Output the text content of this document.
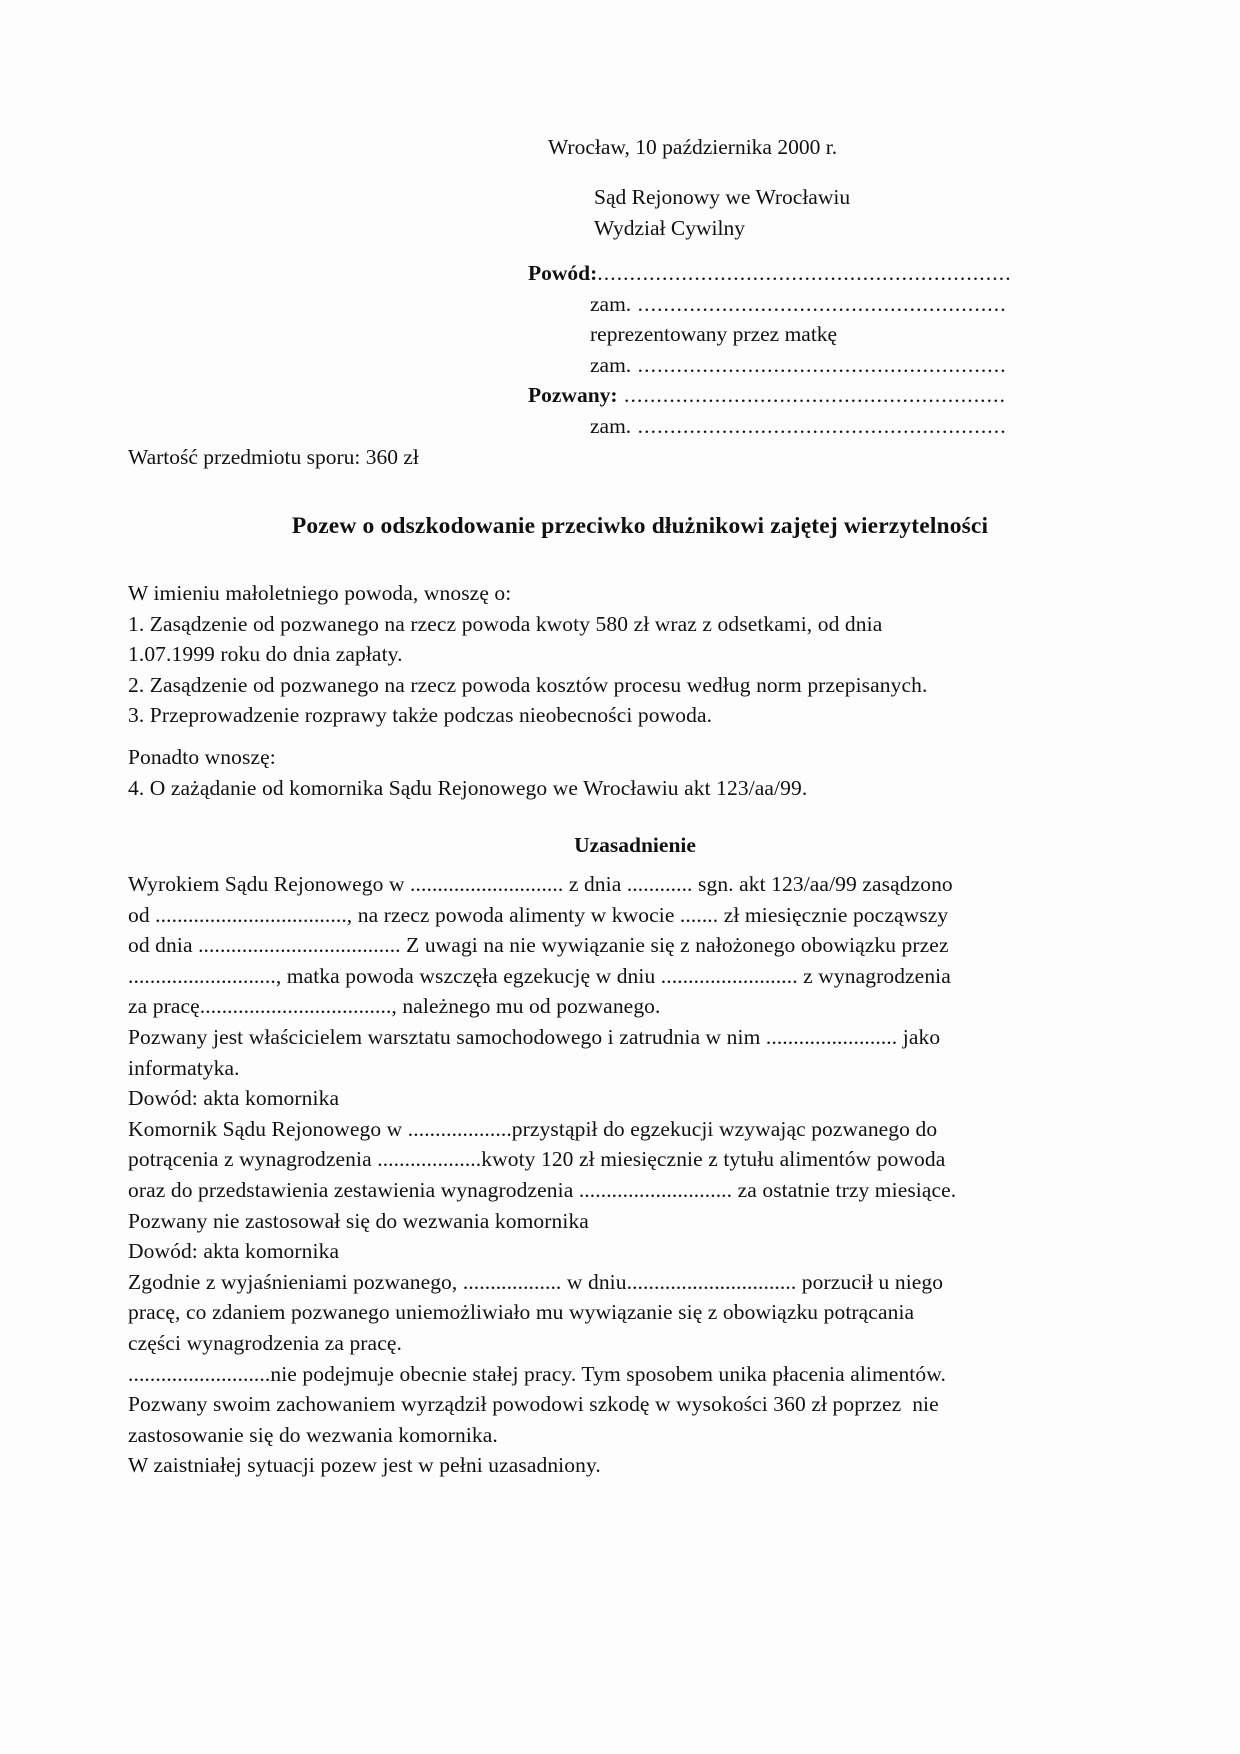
Wrocław, 10 października 2000 r.
Sąd Rejonowy we Wrocławiu
Wydział Cywilny
Powód:................................................................
zam. .........................................................
reprezentowany przez matkę
zam. .........................................................
Pozwany: ...........................................................
zam. .........................................................
Wartość przedmiotu sporu: 360 zł
Pozew o odszkodowanie przeciwko dłużnikowi zajętej wierzytelności
W imieniu małoletniego powoda, wnoszę o:
1. Zasądzenie od pozwanego na rzecz powoda kwoty 580 zł wraz z odsetkami, od dnia
1.07.1999 roku do dnia zapłaty.
2. Zasądzenie od pozwanego na rzecz powoda kosztów procesu według norm przepisanych.
3. Przeprowadzenie rozprawy także podczas nieobecności powoda.
Ponadto wnoszę:
4. O zażądanie od komornika Sądu Rejonowego we Wrocławiu akt 123/aa/99.
Uzasadnienie
Wyrokiem Sądu Rejonowego w ............................ z dnia ............ sgn. akt 123/aa/99 zasądzono
od ..................................., na rzecz powoda alimenty w kwocie ....... zł miesięcznie począwszy
od dnia ..................................... Z uwagi na nie wywiązanie się z nałożonego obowiązku przez
..........................., matka powoda wszczęła egzekucję w dniu ......................... z wynagrodzenia
za pracę..................................., należnego mu od pozwanego.
Pozwany jest właścicielem warsztatu samochodowego i zatrudnia w nim ........................ jako
informatyka.
Dowód: akta komornika
Komornik Sądu Rejonowego w ...................przystąpił do egzekucji wzywając pozwanego do
potrącenia z wynagrodzenia ...................kwoty 120 zł miesięcznie z tytułu alimentów powoda
oraz do przedstawienia zestawienia wynagrodzenia ............................ za ostatnie trzy miesiące.
Pozwany nie zastosował się do wezwania komornika
Dowód: akta komornika
Zgodnie z wyjaśnieniami pozwanego, .................. w dniu............................... porzucił u niego
pracę, co zdaniem pozwanego uniemożliwiało mu wywiązanie się z obowiązku potrącania
części wynagrodzenia za pracę.
..........................nie podejmuje obecnie stałej pracy. Tym sposobem unika płacenia alimentów.
Pozwany swoim zachowaniem wyrządził powodowi szkodę w wysokości 360 zł poprzez  nie
zastosowanie się do wezwania komornika.
W zaistniałej sytuacji pozew jest w pełni uzasadniony.
